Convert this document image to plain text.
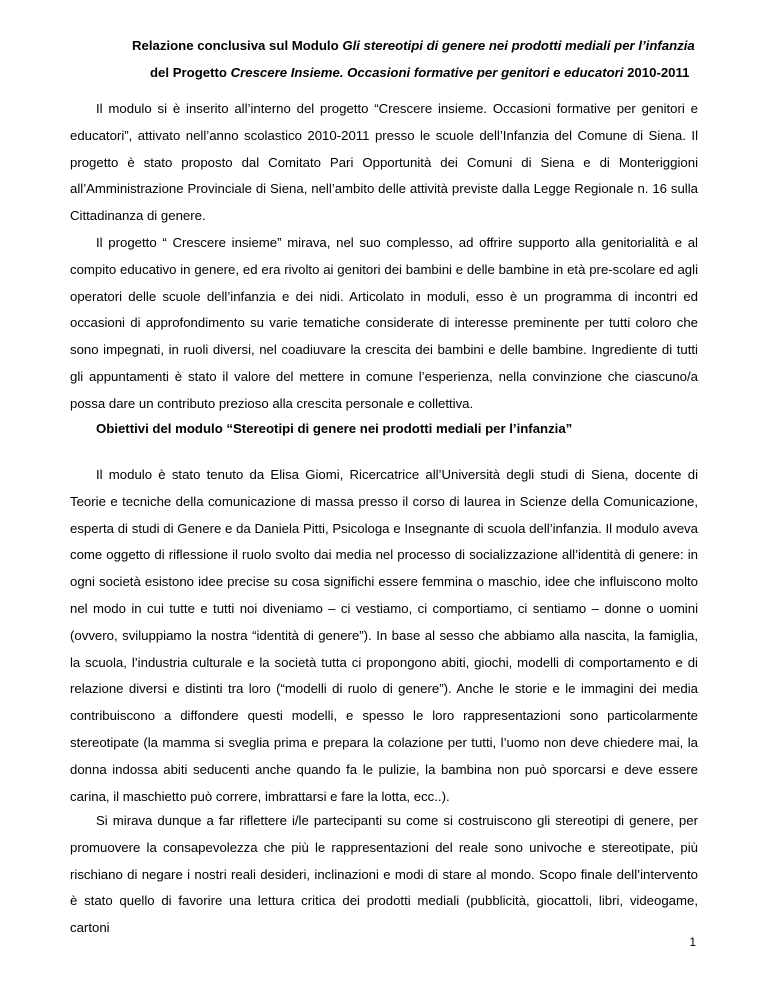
Relazione conclusiva sul Modulo Gli stereotipi di genere nei prodotti mediali per l’infanzia
del Progetto Crescere Insieme. Occasioni formative per genitori e educatori 2010-2011

Il modulo si è inserito all’interno del progetto “Crescere insieme. Occasioni formative per genitori e educatori”, attivato nell’anno scolastico 2010-2011 presso le scuole dell’Infanzia del Comune di Siena. Il progetto è stato proposto dal Comitato Pari Opportunità dei Comuni di Siena e di Monteriggioni all’Amministrazione Provinciale di Siena, nell’ambito delle attività previste dalla Legge Regionale n. 16 sulla Cittadinanza di genere.

Il progetto “ Crescere insieme” mirava, nel suo complesso, ad offrire supporto alla genitorialità e al compito educativo in genere, ed era rivolto ai genitori dei bambini e delle bambine in età pre-scolare ed agli operatori delle scuole dell’infanzia e dei nidi. Articolato in moduli, esso è un programma di incontri ed occasioni di approfondimento su varie tematiche considerate di interesse preminente per tutti coloro che sono impegnati, in ruoli diversi, nel coadiuvare la crescita dei bambini e delle bambine. Ingrediente di tutti gli appuntamenti è stato il valore del mettere in comune l’esperienza, nella convinzione che ciascuno/a possa dare un contributo prezioso alla crescita personale e collettiva.

Obiettivi del modulo “Stereotipi di genere nei prodotti mediali per l’infanzia”

Il modulo è stato tenuto da Elisa Giomi, Ricercatrice all’Università degli studi di Siena, docente di Teorie e tecniche della comunicazione di massa presso il corso di laurea in Scienze della Comunicazione, esperta di studi di Genere e da Daniela Pitti, Psicologa e Insegnante di scuola dell’infanzia. Il modulo aveva come oggetto di riflessione il ruolo svolto dai media nel processo di socializzazione all’identità di genere: in ogni società esistono idee precise su cosa significhi essere femmina o maschio, idee che influiscono molto nel modo in cui tutte e tutti noi diveniamo – ci vestiamo, ci comportiamo, ci sentiamo – donne o uomini (ovvero, sviluppiamo la nostra “identità di genere”). In base al sesso che abbiamo alla nascita, la famiglia, la scuola, l’industria culturale e la società tutta ci propongono abiti, giochi, modelli di comportamento e di relazione diversi e distinti tra loro (“modelli di ruolo di genere”). Anche le storie e le immagini dei media contribuiscono a diffondere questi modelli, e spesso le loro rappresentazioni sono particolarmente stereotipate (la mamma si sveglia prima e prepara la colazione per tutti, l’uomo non deve chiedere mai, la donna indossa abiti seducenti anche quando fa le pulizie, la bambina non può sporcarsi e deve essere carina, il maschietto può correre, imbrattarsi e fare la lotta, ecc..).

Si mirava dunque a far riflettere i/le partecipanti su come si costruiscono gli stereotipi di genere, per promuovere la consapevolezza che più le rappresentazioni del reale sono univoche e stereotipate, più rischiano di negare i nostri reali desideri, inclinazioni e modi di stare al mondo. Scopo finale dell’intervento è stato quello di favorire una lettura critica dei prodotti mediali (pubblicità, giocattoli, libri, videogame, cartoni

1
